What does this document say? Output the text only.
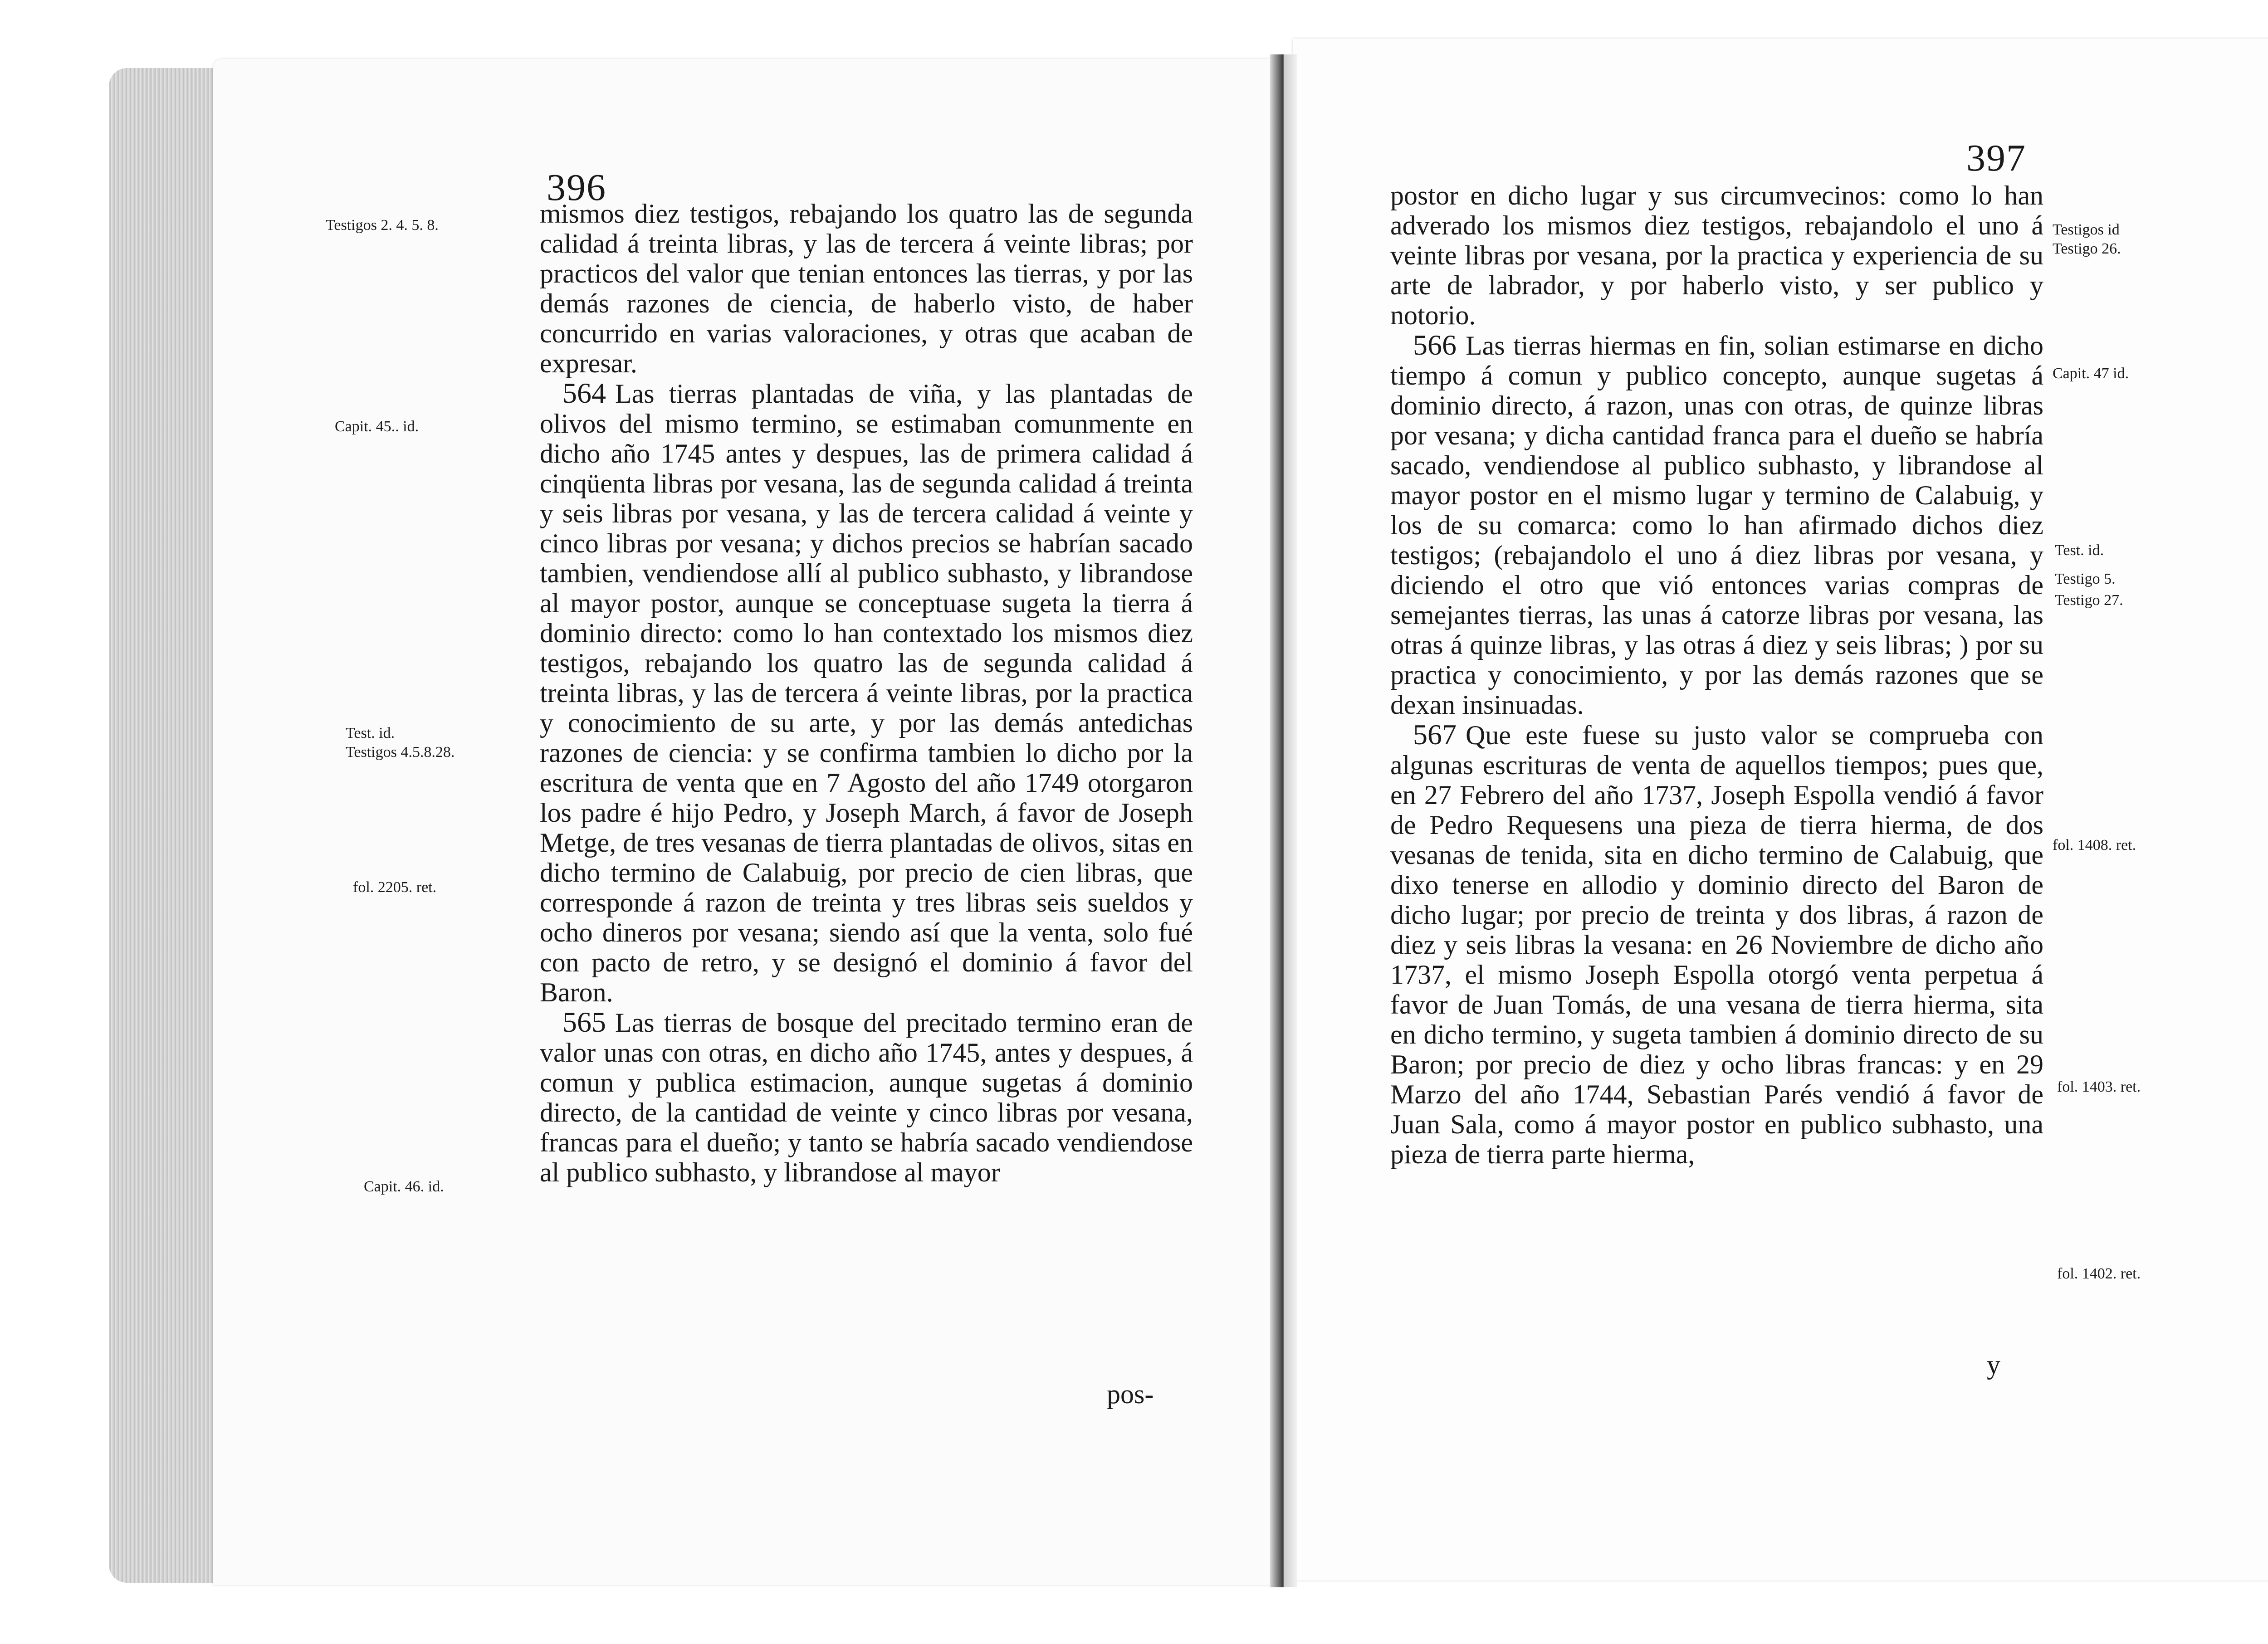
396
Testigos 2. 4. 5. 8.
Capit. 45.. id.
Test. id.
Testigos 4.5.8.28.
fol. 2205. ret.
Capit. 46. id.

mismos diez testigos, rebajando los quatro las de segunda calidad á treinta libras, y las de tercera á veinte libras; por practicos del valor que tenian entonces las tierras, y por las demás razones de ciencia, de haberlo visto, de haber concurrido en varias valoraciones, y otras que acaban de expresar.

564 Las tierras plantadas de viña, y las plantadas de olivos del mismo termino, se estimaban comunmente en dicho año 1745 antes y despues, las de primera calidad á cinqüenta libras por vesana, las de segunda calidad á treinta y seis libras por vesana, y las de tercera calidad á veinte y cinco libras por vesana; y dichos precios se habrían sacado tambien, vendiendose allí al publico subhasto, y librandose al mayor postor, aunque se conceptuase sugeta la tierra á dominio directo: como lo han contextado los mismos diez testigos, rebajando los quatro las de segunda calidad á treinta libras, y las de tercera á veinte libras, por la practica y conocimiento de su arte, y por las demás antedichas razones de ciencia: y se confirma tambien lo dicho por la escritura de venta que en 7 Agosto del año 1749 otorgaron los padre é hijo Pedro, y Joseph March, á favor de Joseph Metge, de tres vesanas de tierra plantadas de olivos, sitas en dicho termino de Calabuig, por precio de cien libras, que corresponde á razon de treinta y tres libras seis sueldos y ocho dineros por vesana; siendo así que la venta, solo fué con pacto de retro, y se designó el dominio á favor del Baron.

565 Las tierras de bosque del precitado termino eran de valor unas con otras, en dicho año 1745, antes y despues, á comun y publica estimacion, aunque sugetas á dominio directo, de la cantidad de veinte y cinco libras por vesana, francas para el dueño; y tanto se habría sacado vendiendose al publico subhasto, y librandose al mayor

pos-
397

postor en dicho lugar y sus circumvecinos: como lo han adverado los mismos diez testigos, rebajandolo el uno á veinte libras por vesana, por la practica y experiencia de su arte de labrador, y por haberlo visto, y ser publico y notorio.

566 Las tierras hiermas en fin, solian estimarse en dicho tiempo á comun y publico concepto, aunque sugetas á dominio directo, á razon, unas con otras, de quinze libras por vesana; y dicha cantidad franca para el dueño se habría sacado, vendiendose al publico subhasto, y librandose al mayor postor en el mismo lugar y termino de Calabuig, y los de su comarca: como lo han afirmado dichos diez testigos; (rebajandolo el uno á diez libras por vesana, y diciendo el otro que vió entonces varias compras de semejantes tierras, las unas á catorze libras por vesana, las otras á quinze libras, y las otras á diez y seis libras; ) por su practica y conocimiento, y por las demás razones que se dexan insinuadas.

567 Que este fuese su justo valor se comprueba con algunas escrituras de venta de aquellos tiempos; pues que, en 27 Febrero del año 1737, Joseph Espolla vendió á favor de Pedro Requesens una pieza de tierra hierma, de dos vesanas de tenida, sita en dicho termino de Calabuig, que dixo tenerse en allodio y dominio directo del Baron de dicho lugar; por precio de treinta y dos libras, á razon de diez y seis libras la vesana: en 26 Noviembre de dicho año 1737, el mismo Joseph Espolla otorgó venta perpetua á favor de Juan Tomás, de una vesana de tierra hierma, sita en dicho termino, y sugeta tambien á dominio directo de su Baron; por precio de diez y ocho libras francas: y en 29 Marzo del año 1744, Sebastian Parés vendió á favor de Juan Sala, como á mayor postor en publico subhasto, una pieza de tierra parte hierma,

y
Testigos id
Testigo 26.
Capit. 47 id.
Test. id.
Testigo 5.
Testigo 27.
fol. 1408. ret.
fol. 1403. ret.
fol. 1402. ret.
